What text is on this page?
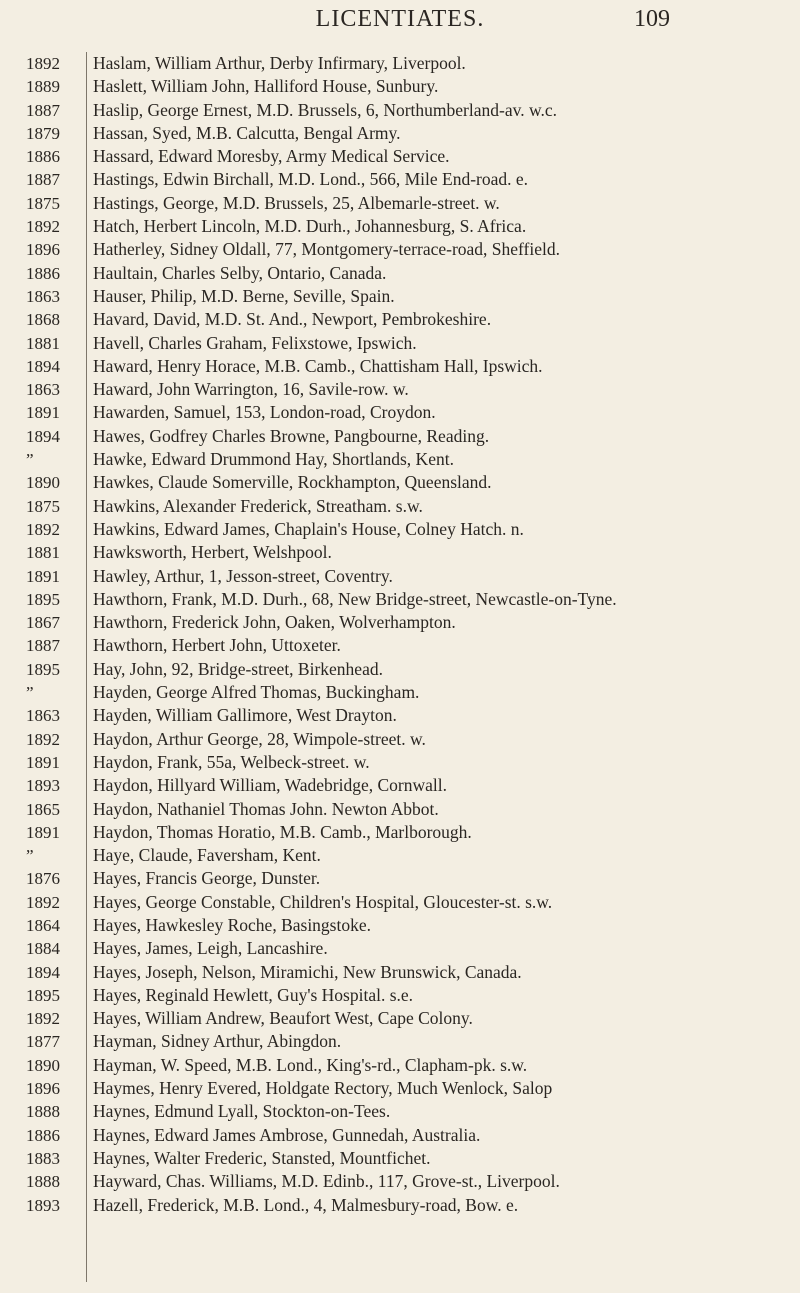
LICENTIATES.	109
1892	Haslam, William Arthur, Derby Infirmary, Liverpool.
1889	Haslett, William John, Halliford House, Sunbury.
1887	Haslip, George Ernest, M.D. Brussels, 6, Northumberland-av. w.c.
1879	Hassan, Syed, M.B. Calcutta, Bengal Army.
1886	Hassard, Edward Moresby, Army Medical Service.
1887	Hastings, Edwin Birchall, M.D. Lond., 566, Mile End-road. e.
1875	Hastings, George, M.D. Brussels, 25, Albemarle-street. w.
1892	Hatch, Herbert Lincoln, M.D. Durh., Johannesburg, S. Africa.
1896	Hatherley, Sidney Oldall, 77, Montgomery-terrace-road, Sheffield.
1886	Haultain, Charles Selby, Ontario, Canada.
1863	Hauser, Philip, M.D. Berne, Seville, Spain.
1868	Havard, David, M.D. St. And., Newport, Pembrokeshire.
1881	Havell, Charles Graham, Felixstowe, Ipswich.
1894	Haward, Henry Horace, M.B. Camb., Chattisham Hall, Ipswich.
1863	Haward, John Warrington, 16, Savile-row. w.
1891	Hawarden, Samuel, 153, London-road, Croydon.
1894	Hawes, Godfrey Charles Browne, Pangbourne, Reading.
”	Hawke, Edward Drummond Hay, Shortlands, Kent.
1890	Hawkes, Claude Somerville, Rockhampton, Queensland.
1875	Hawkins, Alexander Frederick, Streatham. s.w.
1892	Hawkins, Edward James, Chaplain's House, Colney Hatch. n.
1881	Hawksworth, Herbert, Welshpool.
1891	Hawley, Arthur, 1, Jesson-street, Coventry.
1895	Hawthorn, Frank, M.D. Durh., 68, New Bridge-street, Newcastle-on-Tyne.
1867	Hawthorn, Frederick John, Oaken, Wolverhampton.
1887	Hawthorn, Herbert John, Uttoxeter.
1895	Hay, John, 92, Bridge-street, Birkenhead.
”	Hayden, George Alfred Thomas, Buckingham.
1863	Hayden, William Gallimore, West Drayton.
1892	Haydon, Arthur George, 28, Wimpole-street. w.
1891	Haydon, Frank, 55a, Welbeck-street. w.
1893	Haydon, Hillyard William, Wadebridge, Cornwall.
1865	Haydon, Nathaniel Thomas John. Newton Abbot.
1891	Haydon, Thomas Horatio, M.B. Camb., Marlborough.
”	Haye, Claude, Faversham, Kent.
1876	Hayes, Francis George, Dunster.
1892	Hayes, George Constable, Children's Hospital, Gloucester-st. s.w.
1864	Hayes, Hawkesley Roche, Basingstoke.
1884	Hayes, James, Leigh, Lancashire.
1894	Hayes, Joseph, Nelson, Miramichi, New Brunswick, Canada.
1895	Hayes, Reginald Hewlett, Guy's Hospital. s.e.
1892	Hayes, William Andrew, Beaufort West, Cape Colony.
1877	Hayman, Sidney Arthur, Abingdon.
1890	Hayman, W. Speed, M.B. Lond., King's-rd., Clapham-pk. s.w.
1896	Haymes, Henry Evered, Holdgate Rectory, Much Wenlock, Salop
1888	Haynes, Edmund Lyall, Stockton-on-Tees.
1886	Haynes, Edward James Ambrose, Gunnedah, Australia.
1883	Haynes, Walter Frederic, Stansted, Mountfichet.
1888	Hayward, Chas. Williams, M.D. Edinb., 117, Grove-st., Liverpool.
1893	Hazell, Frederick, M.B. Lond., 4, Malmesbury-road, Bow. e.
